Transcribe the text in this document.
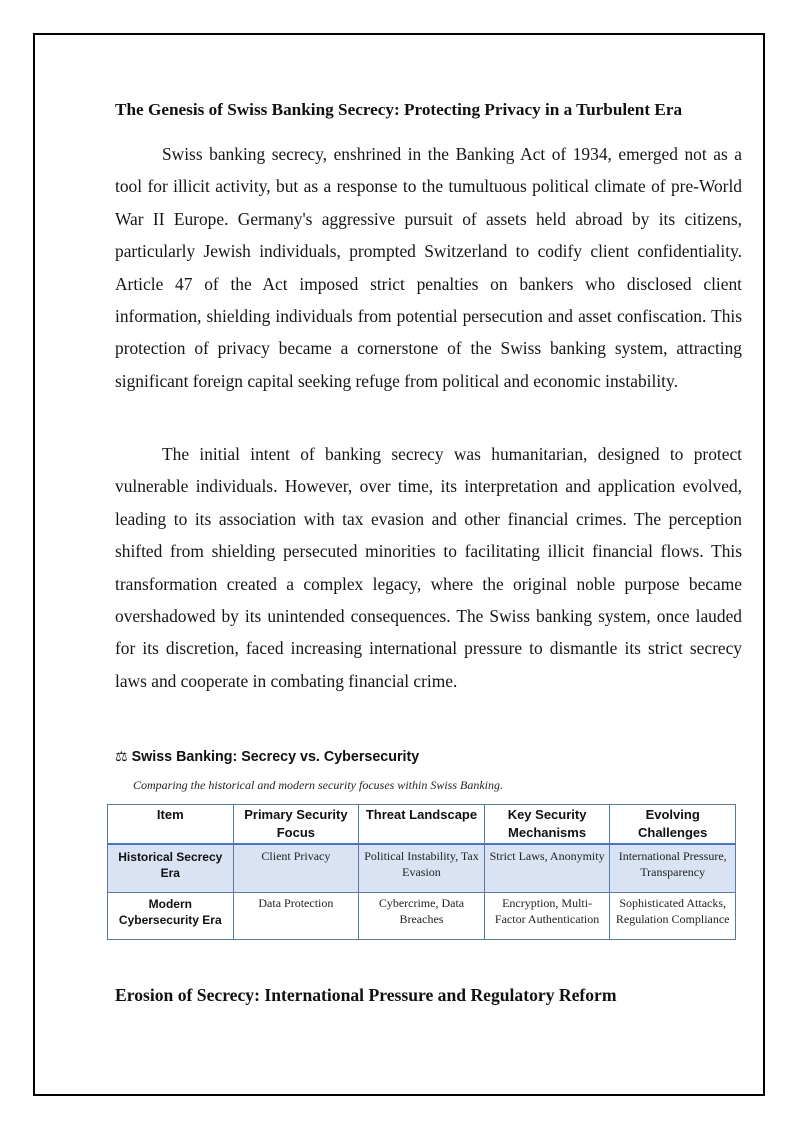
The Genesis of Swiss Banking Secrecy: Protecting Privacy in a Turbulent Era

Swiss banking secrecy, enshrined in the Banking Act of 1934, emerged not as a tool for illicit activity, but as a response to the tumultuous political climate of pre-World War II Europe. Germany's aggressive pursuit of assets held abroad by its citizens, particularly Jewish individuals, prompted Switzerland to codify client confidentiality. Article 47 of the Act imposed strict penalties on bankers who disclosed client information, shielding individuals from potential persecution and asset confiscation. This protection of privacy became a cornerstone of the Swiss banking system, attracting significant foreign capital seeking refuge from political and economic instability.

The initial intent of banking secrecy was humanitarian, designed to protect vulnerable individuals. However, over time, its interpretation and application evolved, leading to its association with tax evasion and other financial crimes. The perception shifted from shielding persecuted minorities to facilitating illicit financial flows. This transformation created a complex legacy, where the original noble purpose became overshadowed by its unintended consequences. The Swiss banking system, once lauded for its discretion, faced increasing international pressure to dismantle its strict secrecy laws and cooperate in combating financial crime.

⚖ Swiss Banking: Secrecy vs. Cybersecurity
Comparing the historical and modern security focuses within Swiss Banking.
Item	Primary Security Focus	Threat Landscape	Key Security Mechanisms	Evolving Challenges
Historical Secrecy Era	Client Privacy	Political Instability, Tax Evasion	Strict Laws, Anonymity	International Pressure, Transparency
Modern Cybersecurity Era	Data Protection	Cybercrime, Data Breaches	Encryption, Multi-Factor Authentication	Sophisticated Attacks, Regulation Compliance
Erosion of Secrecy: International Pressure and Regulatory Reform
